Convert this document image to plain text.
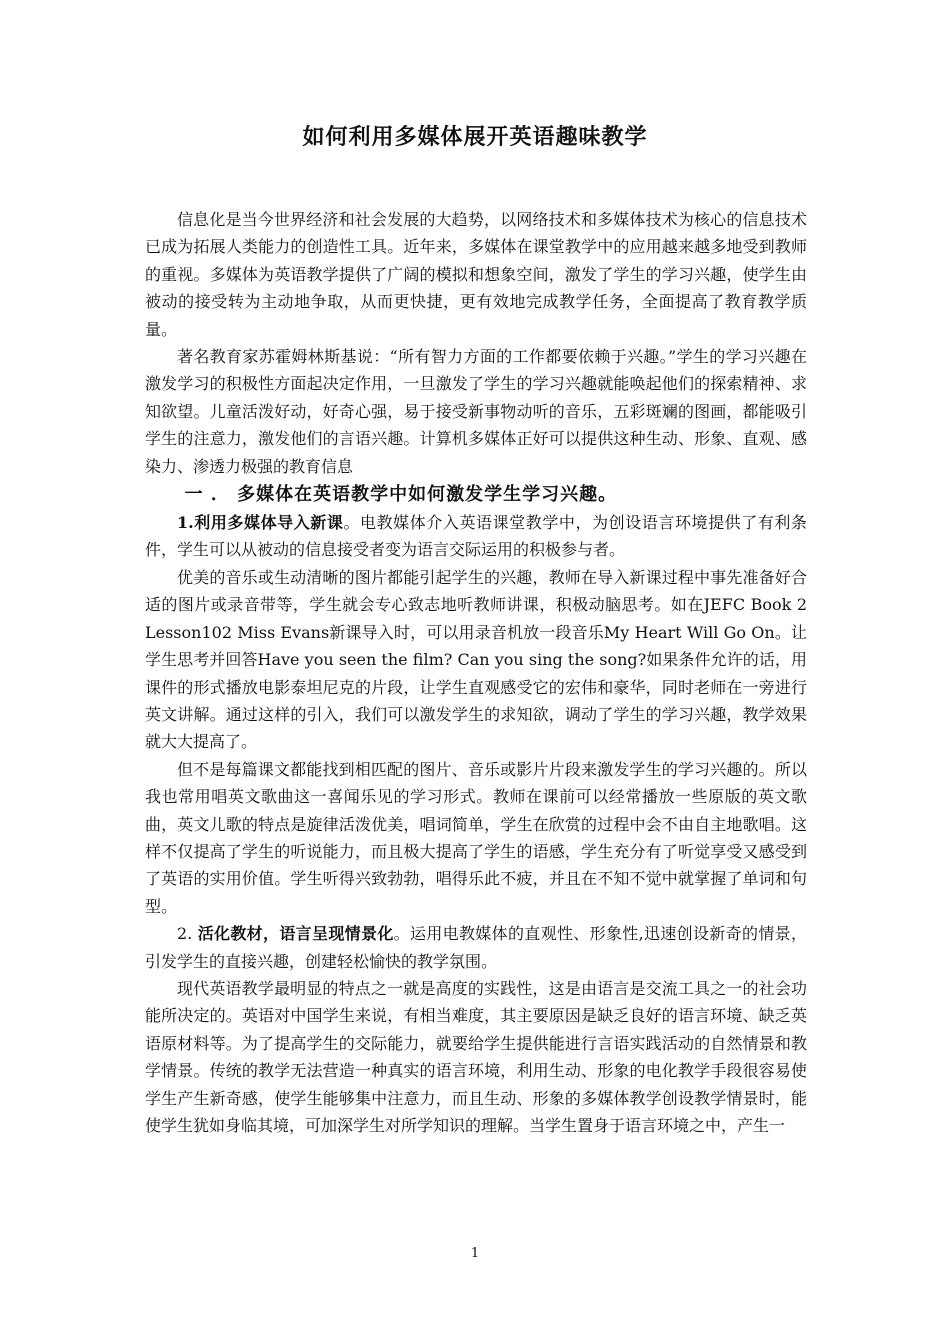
如何利用多媒体展开英语趣味教学

信息化是当今世界经济和社会发展的大趋势，以网络技术和多媒体技术为核心的信息技术已成为拓展人类能力的创造性工具。近年来，多媒体在课堂教学中的应用越来越多地受到教师的重视。多媒体为英语教学提供了广阔的模拟和想象空间，激发了学生的学习兴趣，使学生由被动的接受转为主动地争取，从而更快捷，更有效地完成教学任务，全面提高了教育教学质量。

著名教育家苏霍姆林斯基说：“所有智力方面的工作都要依赖于兴趣。”学生的学习兴趣在激发学习的积极性方面起决定作用，一旦激发了学生的学习兴趣就能唤起他们的探索精神、求知欲望。儿童活泼好动，好奇心强，易于接受新事物动听的音乐，五彩斑斓的图画，都能吸引学生的注意力，激发他们的言语兴趣。计算机多媒体正好可以提供这种生动、形象、直观、感染力、渗透力极强的教育信息

一 ． 多媒体在英语教学中如何激发学生学习兴趣。

1.利用多媒体导入新课。电教媒体介入英语课堂教学中，为创设语言环境提供了有利条件，学生可以从被动的信息接受者变为语言交际运用的积极参与者。

优美的音乐或生动清晰的图片都能引起学生的兴趣，教师在导入新课过程中事先准备好合适的图片或录音带等，学生就会专心致志地听教师讲课，积极动脑思考。如在JEFC Book 2 Lesson102 Miss Evans新课导入时，可以用录音机放一段音乐My Heart Will Go On。让学生思考并回答Have you seen the film? Can you sing the song?如果条件允许的话，用课件的形式播放电影泰坦尼克的片段，让学生直观感受它的宏伟和豪华，同时老师在一旁进行英文讲解。通过这样的引入，我们可以激发学生的求知欲，调动了学生的学习兴趣，教学效果就大大提高了。

但不是每篇课文都能找到相匹配的图片、音乐或影片片段来激发学生的学习兴趣的。所以我也常用唱英文歌曲这一喜闻乐见的学习形式。教师在课前可以经常播放一些原版的英文歌曲，英文儿歌的特点是旋律活泼优美，唱词简单，学生在欣赏的过程中会不由自主地歌唱。这样不仅提高了学生的听说能力，而且极大提高了学生的语感，学生充分有了听觉享受又感受到了英语的实用价值。学生听得兴致勃勃，唱得乐此不疲，并且在不知不觉中就掌握了单词和句型。

2. 活化教材，语言呈现情景化。运用电教媒体的直观性、形象性,迅速创设新奇的情景，引发学生的直接兴趣，创建轻松愉快的教学氛围。

现代英语教学最明显的特点之一就是高度的实践性，这是由语言是交流工具之一的社会功能所决定的。英语对中国学生来说，有相当难度，其主要原因是缺乏良好的语言环境、缺乏英语原材料等。为了提高学生的交际能力，就要给学生提供能进行言语实践活动的自然情景和教学情景。传统的教学无法营造一种真实的语言环境，利用生动、形象的电化教学手段很容易使学生产生新奇感，使学生能够集中注意力，而且生动、形象的多媒体教学创设教学情景时，能使学生犹如身临其境，可加深学生对所学知识的理解。当学生置身于语言环境之中，产生一

1
